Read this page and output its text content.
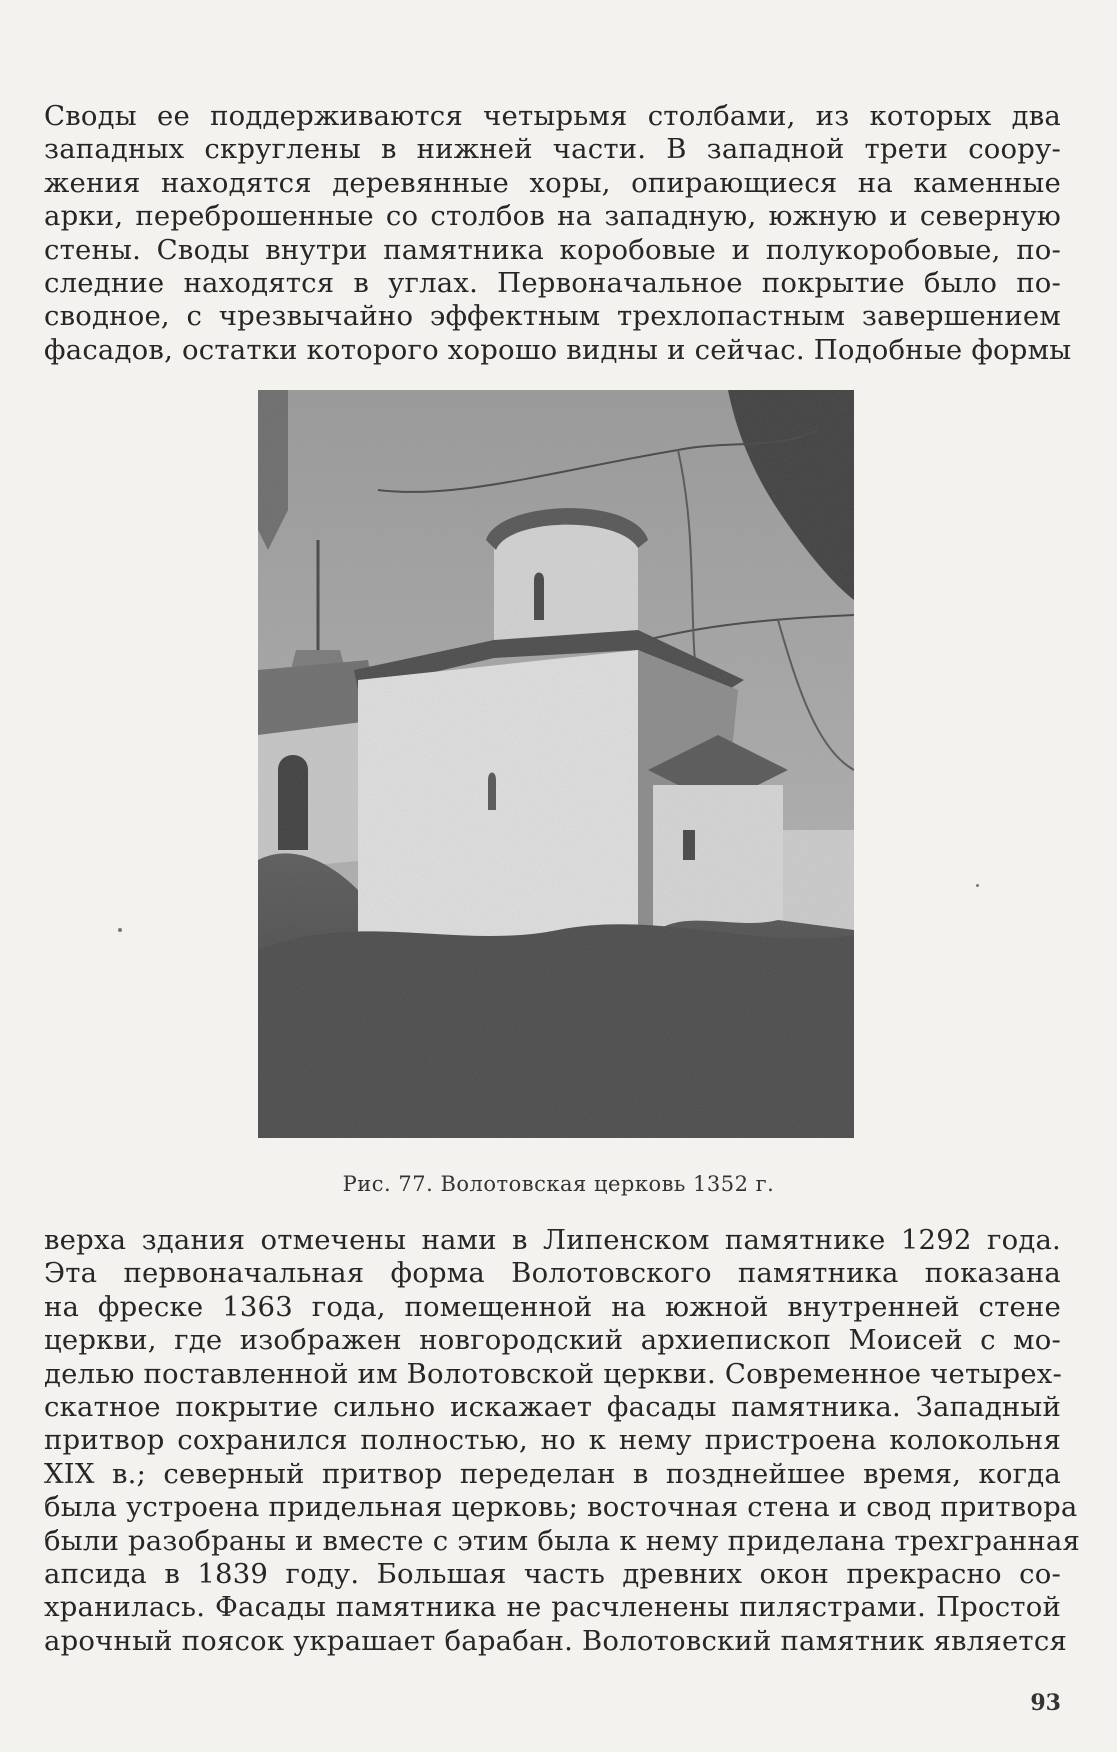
Своды ее поддерживаются четырьмя столбами, из которых два
западных скруглены в нижней части. В западной трети соору-
жения находятся деревянные хоры, опирающиеся на каменные
арки, переброшенные со столбов на западную, южную и северную
стены. Своды внутри памятника коробовые и полукоробовые, по-
следние находятся в углах. Первоначальное покрытие было по-
сводное, с чрезвычайно эффектным трехлопастным завершением
фасадов, остатки которого хорошо видны и сейчас. Подобные формы
Рис. 77. Волотовская церковь 1352 г.
верха здания отмечены нами в Липенском памятнике 1292 года.
Эта первоначальная форма Волотовского памятника показана
на фреске 1363 года, помещенной на южной внутренней стене
церкви, где изображен новгородский архиепископ Моисей с мо-
делью поставленной им Волотовской церкви. Современное четырех-
скатное покрытие сильно искажает фасады памятника. Западный
притвор сохранился полностью, но к нему пристроена колокольня
XIX в.; северный притвор переделан в позднейшее время, когда
была устроена придельная церковь; восточная стена и свод притвора
были разобраны и вместе с этим была к нему приделана трехгранная
апсида в 1839 году. Большая часть древних окон прекрасно со-
хранилась. Фасады памятника не расчленены пилястрами. Простой
арочный поясок украшает барабан. Волотовский памятник является
93
